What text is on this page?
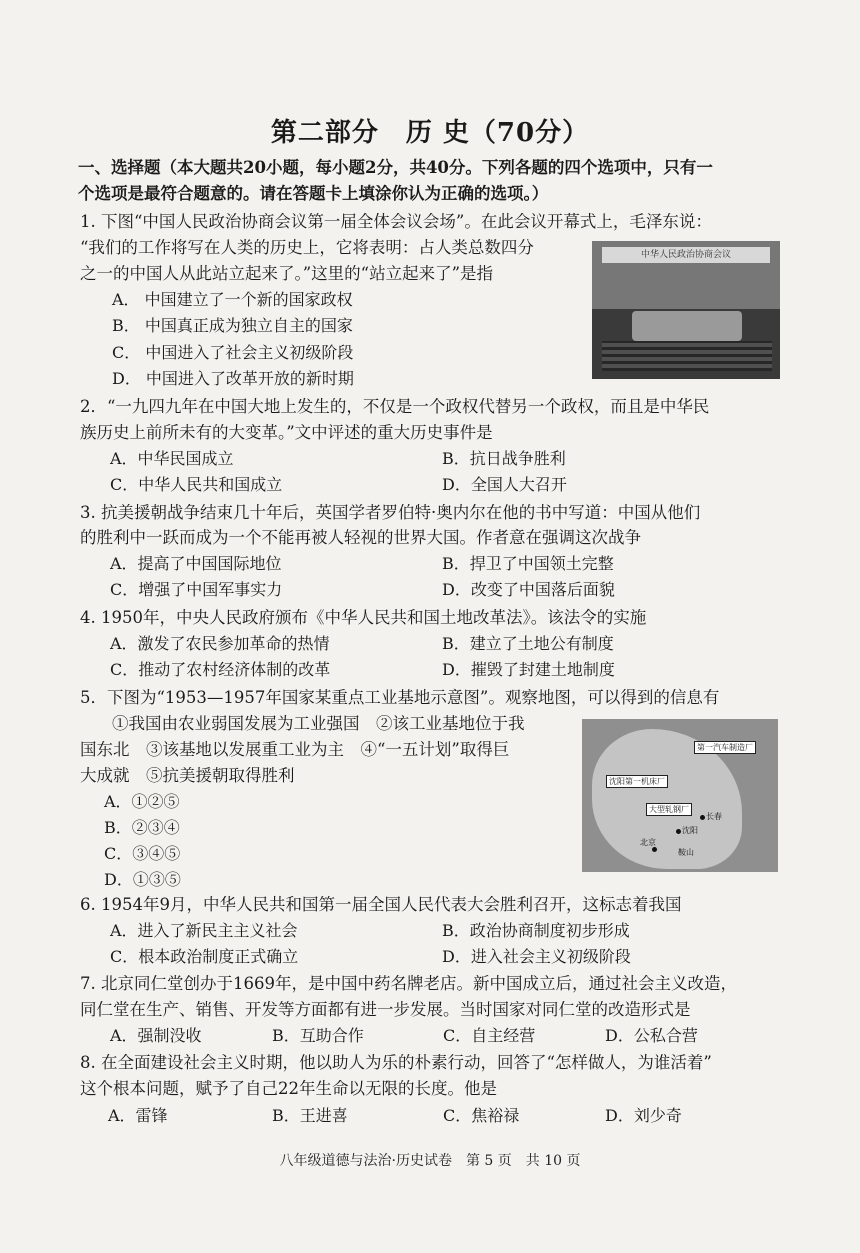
第二部分　历 史（70分）
一、选择题（本大题共20小题，每小题2分，共40分。下列各题的四个选项中，只有一
个选项是最符合题意的。请在答题卡上填涂你认为正确的选项。）
1. 下图“中国人民政治协商会议第一届全体会议会场”。在此会议开幕式上，毛泽东说：
“我们的工作将写在人类的历史上，它将表明：占人类总数四分
之一的中国人从此站立起来了。”这里的“站立起来了”是指
A． 中国建立了一个新的国家政权
B． 中国真正成为独立自主的国家
C． 中国进入了社会主义初级阶段
D． 中国进入了改革开放的新时期
中华人民政治协商会议
2．“一九四九年在中国大地上发生的，不仅是一个政权代替另一个政权，而且是中华民
族历史上前所未有的大变革。”文中评述的重大历史事件是
A．中华民国成立	B．抗日战争胜利
C．中华人民共和国成立	D．全国人大召开
3. 抗美援朝战争结束几十年后，英国学者罗伯特·奥内尔在他的书中写道：中国从他们
的胜利中一跃而成为一个不能再被人轻视的世界大国。作者意在强调这次战争
A．提高了中国国际地位	B．捍卫了中国领土完整
C．增强了中国军事实力	D．改变了中国落后面貌
4. 1950年，中央人民政府颁布《中华人民共和国土地改革法》。该法令的实施
A．激发了农民参加革命的热情	B．建立了土地公有制度
C．推动了农村经济体制的改革	D．摧毁了封建土地制度
5．下图为“1953—1957年国家某重点工业基地示意图”。观察地图，可以得到的信息有
①我国由农业弱国发展为工业强国　②该工业基地位于我
国东北　③该基地以发展重工业为主　④“一五计划”取得巨
大成就　⑤抗美援朝取得胜利
A．①②⑤
B．②③④
C．③④⑤
D．①③⑤
第一汽车制造厂
沈阳第一机床厂
大型轧钢厂
长春
沈阳
北京
鞍山
6. 1954年9月，中华人民共和国第一届全国人民代表大会胜利召开，这标志着我国
A．进入了新民主主义社会	B．政治协商制度初步形成
C．根本政治制度正式确立	D．进入社会主义初级阶段
7. 北京同仁堂创办于1669年，是中国中药名牌老店。新中国成立后，通过社会主义改造，
同仁堂在生产、销售、开发等方面都有进一步发展。当时国家对同仁堂的改造形式是
A．强制没收	B．互助合作	C．自主经营	D．公私合营
8. 在全面建设社会主义时期，他以助人为乐的朴素行动，回答了“怎样做人，为谁活着”
这个根本问题，赋予了自己22年生命以无限的长度。他是
A．雷锋	B．王进喜	C．焦裕禄	D．刘少奇
八年级道德与法治·历史试卷　第 5 页　共 10 页
